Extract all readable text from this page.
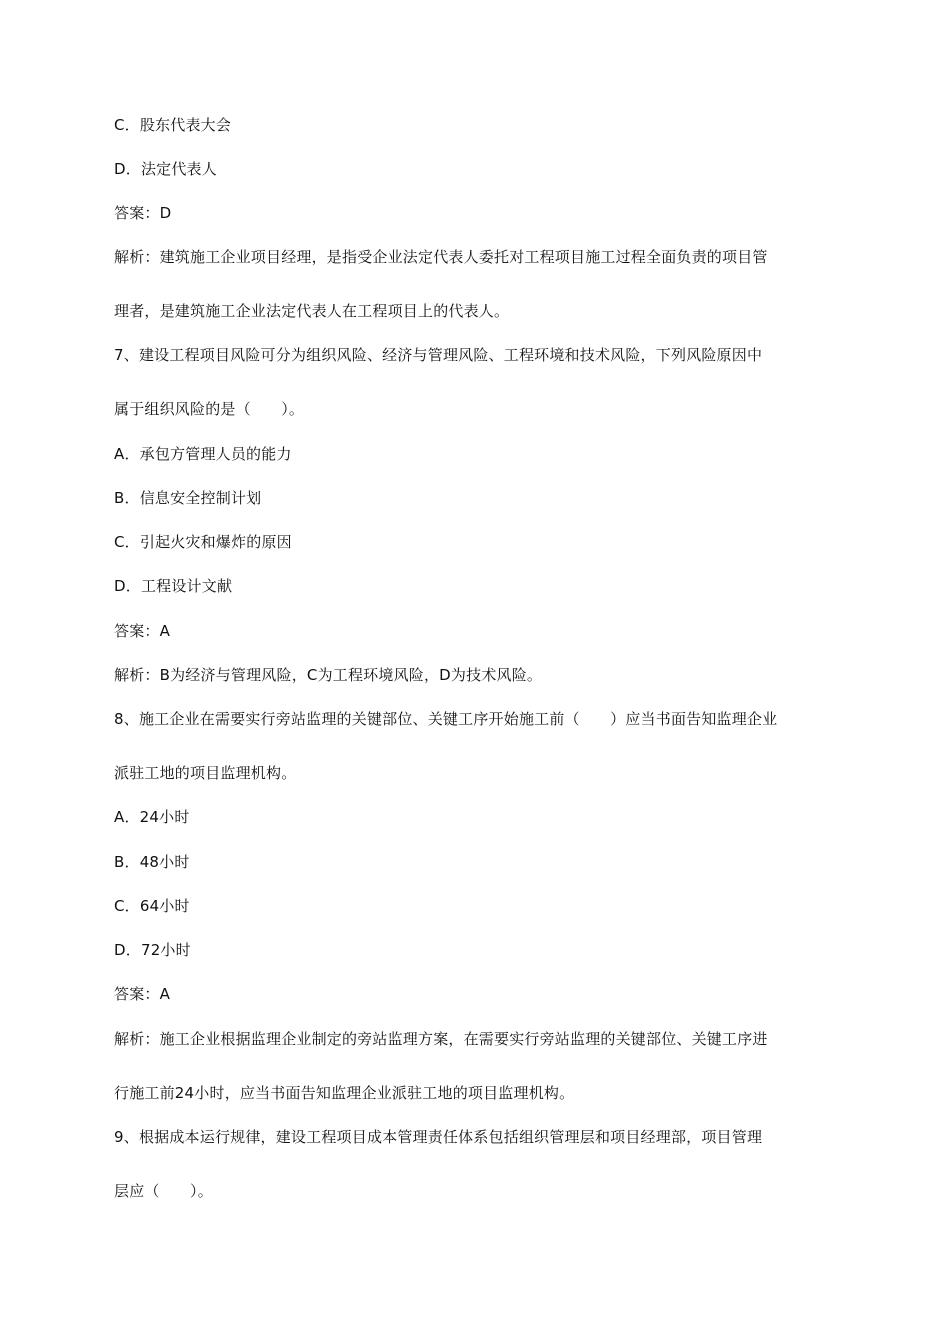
C．股东代表大会
D．法定代表人
答案：D
解析：建筑施工企业项目经理，是指受企业法定代表人委托对工程项目施工过程全面负责的项目管
理者，是建筑施工企业法定代表人在工程项目上的代表人。
7、建设工程项目风险可分为组织风险、经济与管理风险、工程环境和技术风险，下列风险原因中
属于组织风险的是（　　）。
A．承包方管理人员的能力
B．信息安全控制计划
C．引起火灾和爆炸的原因
D．工程设计文献
答案：A
解析：B为经济与管理风险，C为工程环境风险，D为技术风险。
8、施工企业在需要实行旁站监理的关键部位、关键工序开始施工前（　　）应当书面告知监理企业
派驻工地的项目监理机构。
A．24小时
B．48小时
C．64小时
D．72小时
答案：A
解析：施工企业根据监理企业制定的旁站监理方案，在需要实行旁站监理的关键部位、关键工序进
行施工前24小时，应当书面告知监理企业派驻工地的项目监理机构。
9、根据成本运行规律，建设工程项目成本管理责任体系包括组织管理层和项目经理部，项目管理
层应（　　）。
